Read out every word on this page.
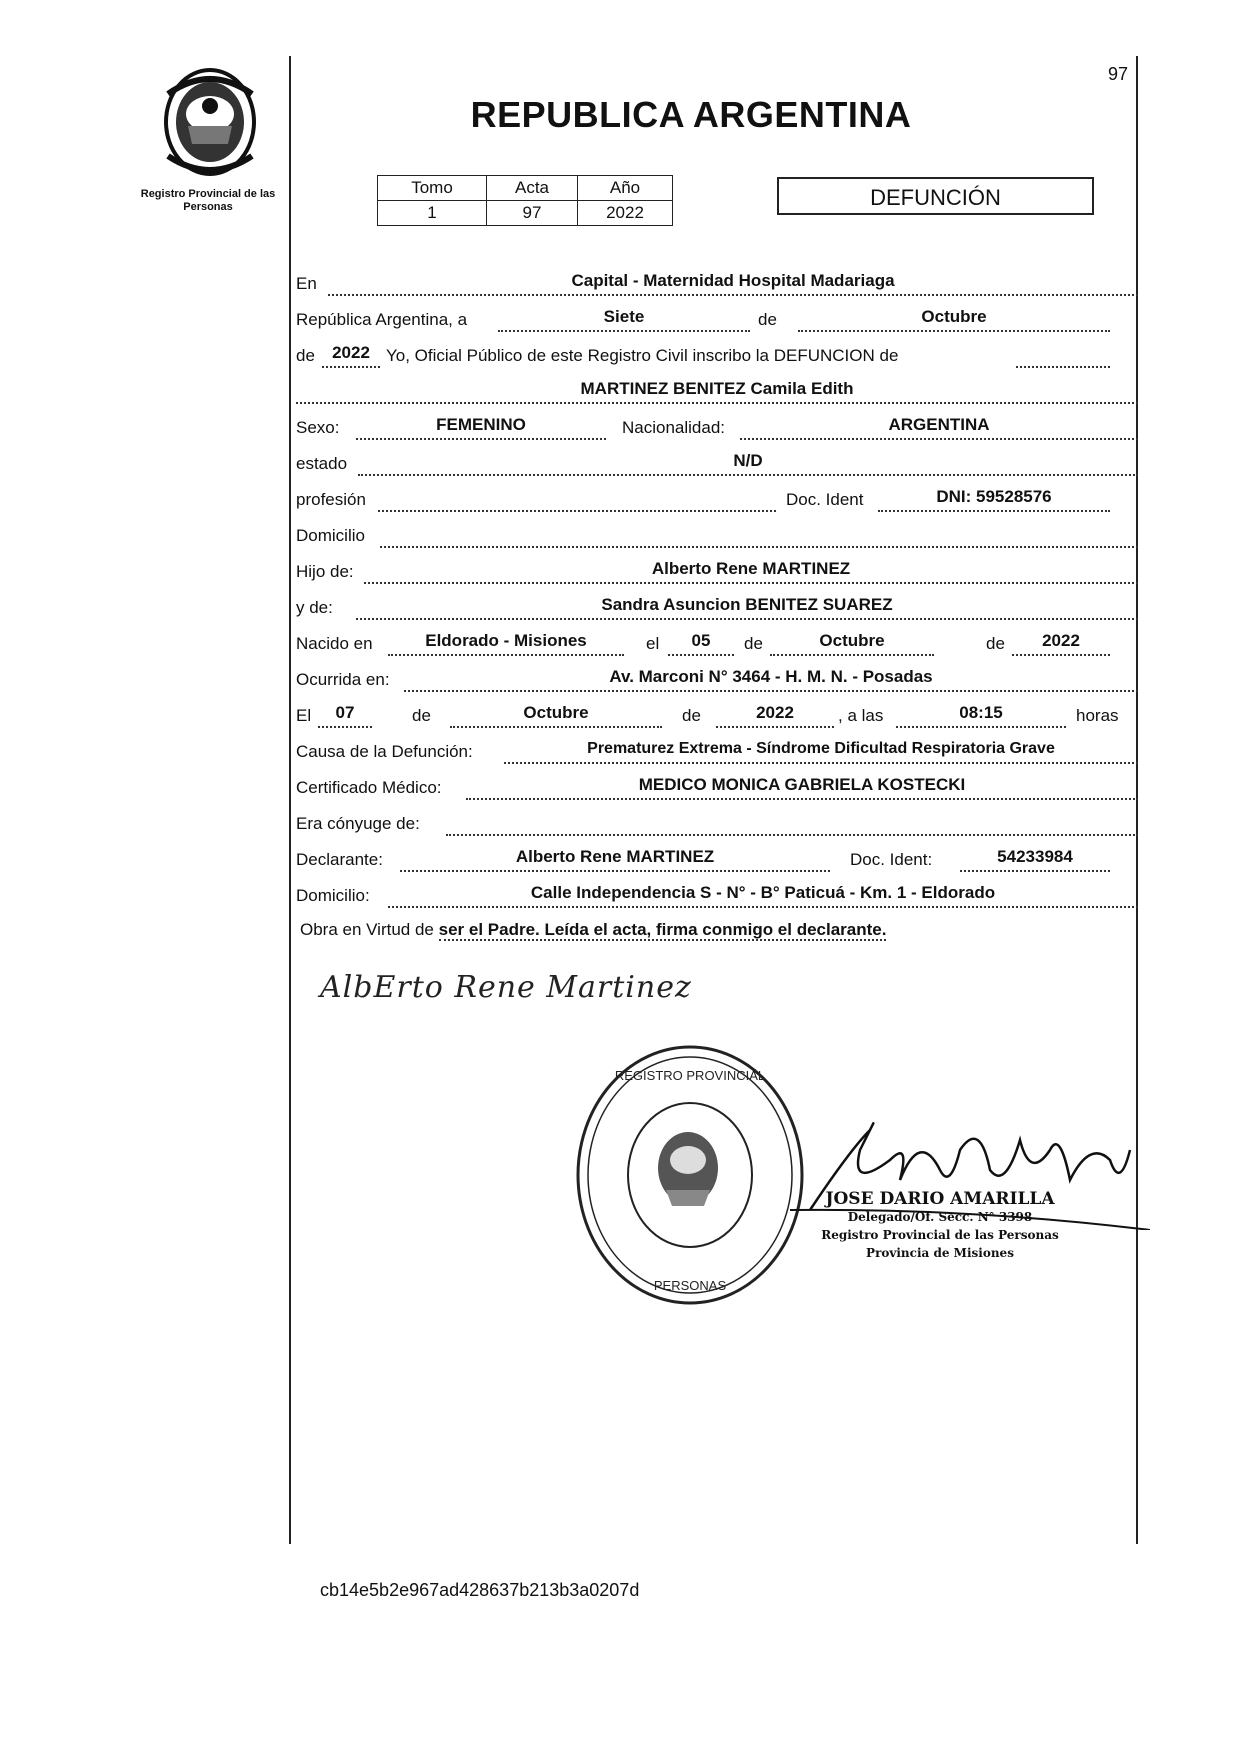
97
Registro Provincial de las Personas
REPUBLICA ARGENTINA
Tomo	Acta	Año
1	97	2022
DEFUNCIÓN
En	Capital - Maternidad Hospital Madariaga
República Argentina, a	Siete	de	Octubre
de	2022 Yo, Oficial Público de este Registro Civil inscribo la DEFUNCION de
MARTINEZ BENITEZ Camila Edith
Sexo:	FEMENINO	Nacionalidad:	ARGENTINA
estado	N/D
profesión	Doc. Ident	DNI: 59528576
Domicilio
Hijo de:	Alberto Rene MARTINEZ
y de:	Sandra Asuncion BENITEZ SUAREZ
Nacido en	Eldorado - Misiones	el	05	de	Octubre	de	2022
Ocurrida en:	Av. Marconi N° 3464 - H. M. N. - Posadas
El	07	de	Octubre	de	2022	, a las	08:15	horas
Causa de la Defunción:	Prematurez Extrema - Síndrome Dificultad Respiratoria Grave
Certificado Médico:	MEDICO MONICA GABRIELA KOSTECKI
Era cónyuge de:
Declarante:	Alberto Rene MARTINEZ	Doc. Ident:	54233984
Domicilio:	Calle Independencia S - N° - B° Paticuá - Km. 1 - Eldorado
Obra en Virtud de ser el Padre. Leída el acta, firma conmigo el declarante.
AlbErto Rene Martinez
REGISTRO PROVINCIAL
PERSONAS
JOSE DARIO AMARILLA
Delegado/Of. Secc. N° 3398
Registro Provincial de las Personas
Provincia de Misiones
cb14e5b2e967ad428637b213b3a0207d
